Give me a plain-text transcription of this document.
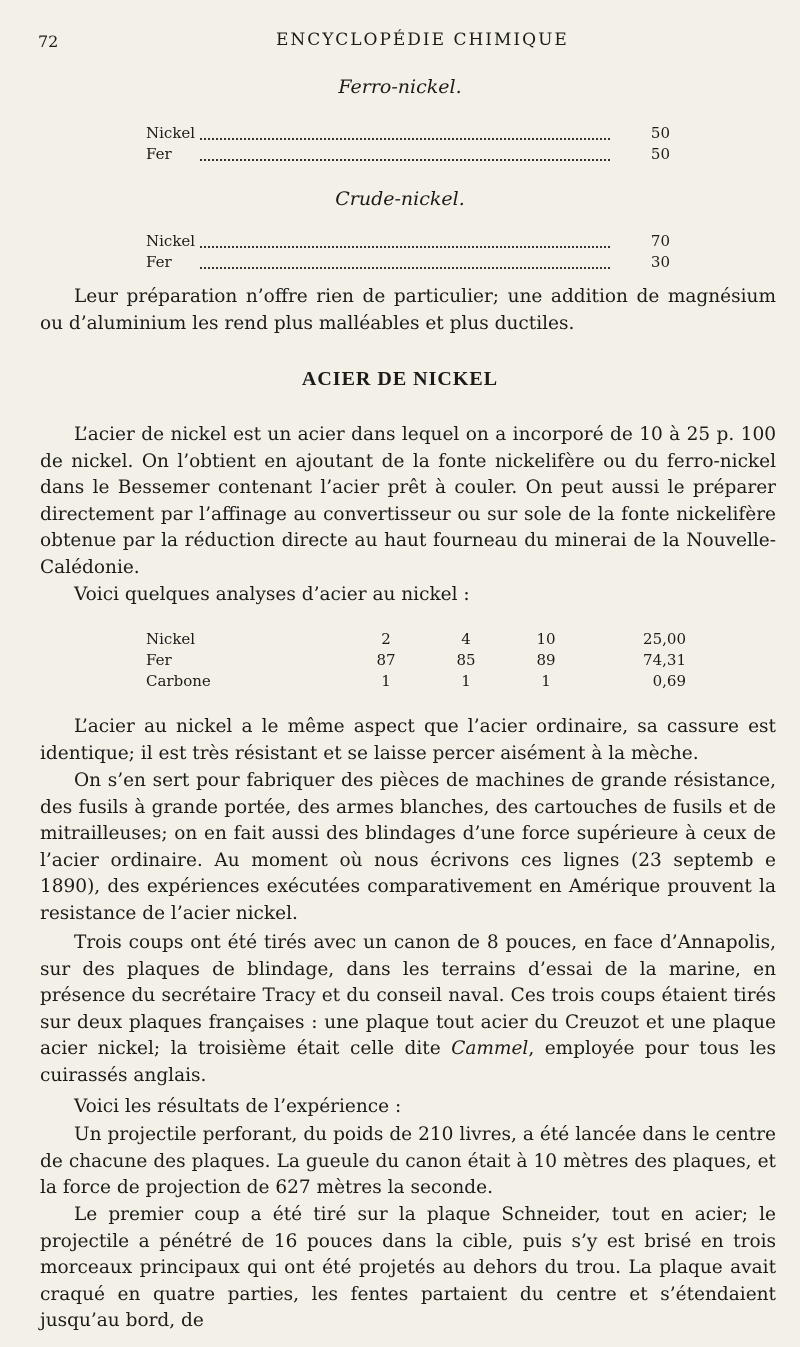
72	ENCYCLOPÉDIE CHIMIQUE
Ferro-nickel.
Nickel	50
Fer	50
Crude-nickel.
Nickel	70
Fer	30
Leur préparation n’offre rien de particulier; une addition de magnésium ou d’aluminium les rend plus malléables et plus ductiles.
ACIER DE NICKEL
L’acier de nickel est un acier dans lequel on a incorporé de 10 à 25 p. 100 de nickel. On l’obtient en ajoutant de la fonte nickelifère ou du ferro-nickel dans le Bessemer contenant l’acier prêt à couler. On peut aussi le préparer directement par l’affinage au convertisseur ou sur sole de la fonte nickelifère obtenue par la réduction directe au haut fourneau du minerai de la Nouvelle-Calédonie.
Voici quelques analyses d’acier au nickel :
Nickel	2	4	10	25,00
Fer	87	85	89	74,31
Carbone	1	1	1	0,69
L’acier au nickel a le même aspect que l’acier ordinaire, sa cassure est identique; il est très résistant et se laisse percer aisément à la mèche.
On s’en sert pour fabriquer des pièces de machines de grande résistance, des fusils à grande portée, des armes blanches, des cartouches de fusils et de mitrailleuses; on en fait aussi des blindages d’une force supérieure à ceux de l’acier ordinaire. Au moment où nous écrivons ces lignes (23 septemb e 1890), des expériences exécutées comparativement en Amérique prouvent la resistance de l’acier nickel.
Trois coups ont été tirés avec un canon de 8 pouces, en face d’Annapolis, sur des plaques de blindage, dans les terrains d’essai de la marine, en présence du secrétaire Tracy et du conseil naval. Ces trois coups étaient tirés sur deux plaques françaises : une plaque tout acier du Creuzot et une plaque acier nickel; la troisième était celle dite Cammel, employée pour tous les cuirassés anglais.
Voici les résultats de l’expérience :
Un projectile perforant, du poids de 210 livres, a été lancée dans le centre de chacune des plaques. La gueule du canon était à 10 mètres des plaques, et la force de projection de 627 mètres la seconde.
Le premier coup a été tiré sur la plaque Schneider, tout en acier; le projectile a pénétré de 16 pouces dans la cible, puis s’y est brisé en trois morceaux principaux qui ont été projetés au dehors du trou. La plaque avait craqué en quatre parties, les fentes partaient du centre et s’étendaient jusqu’au bord, de
